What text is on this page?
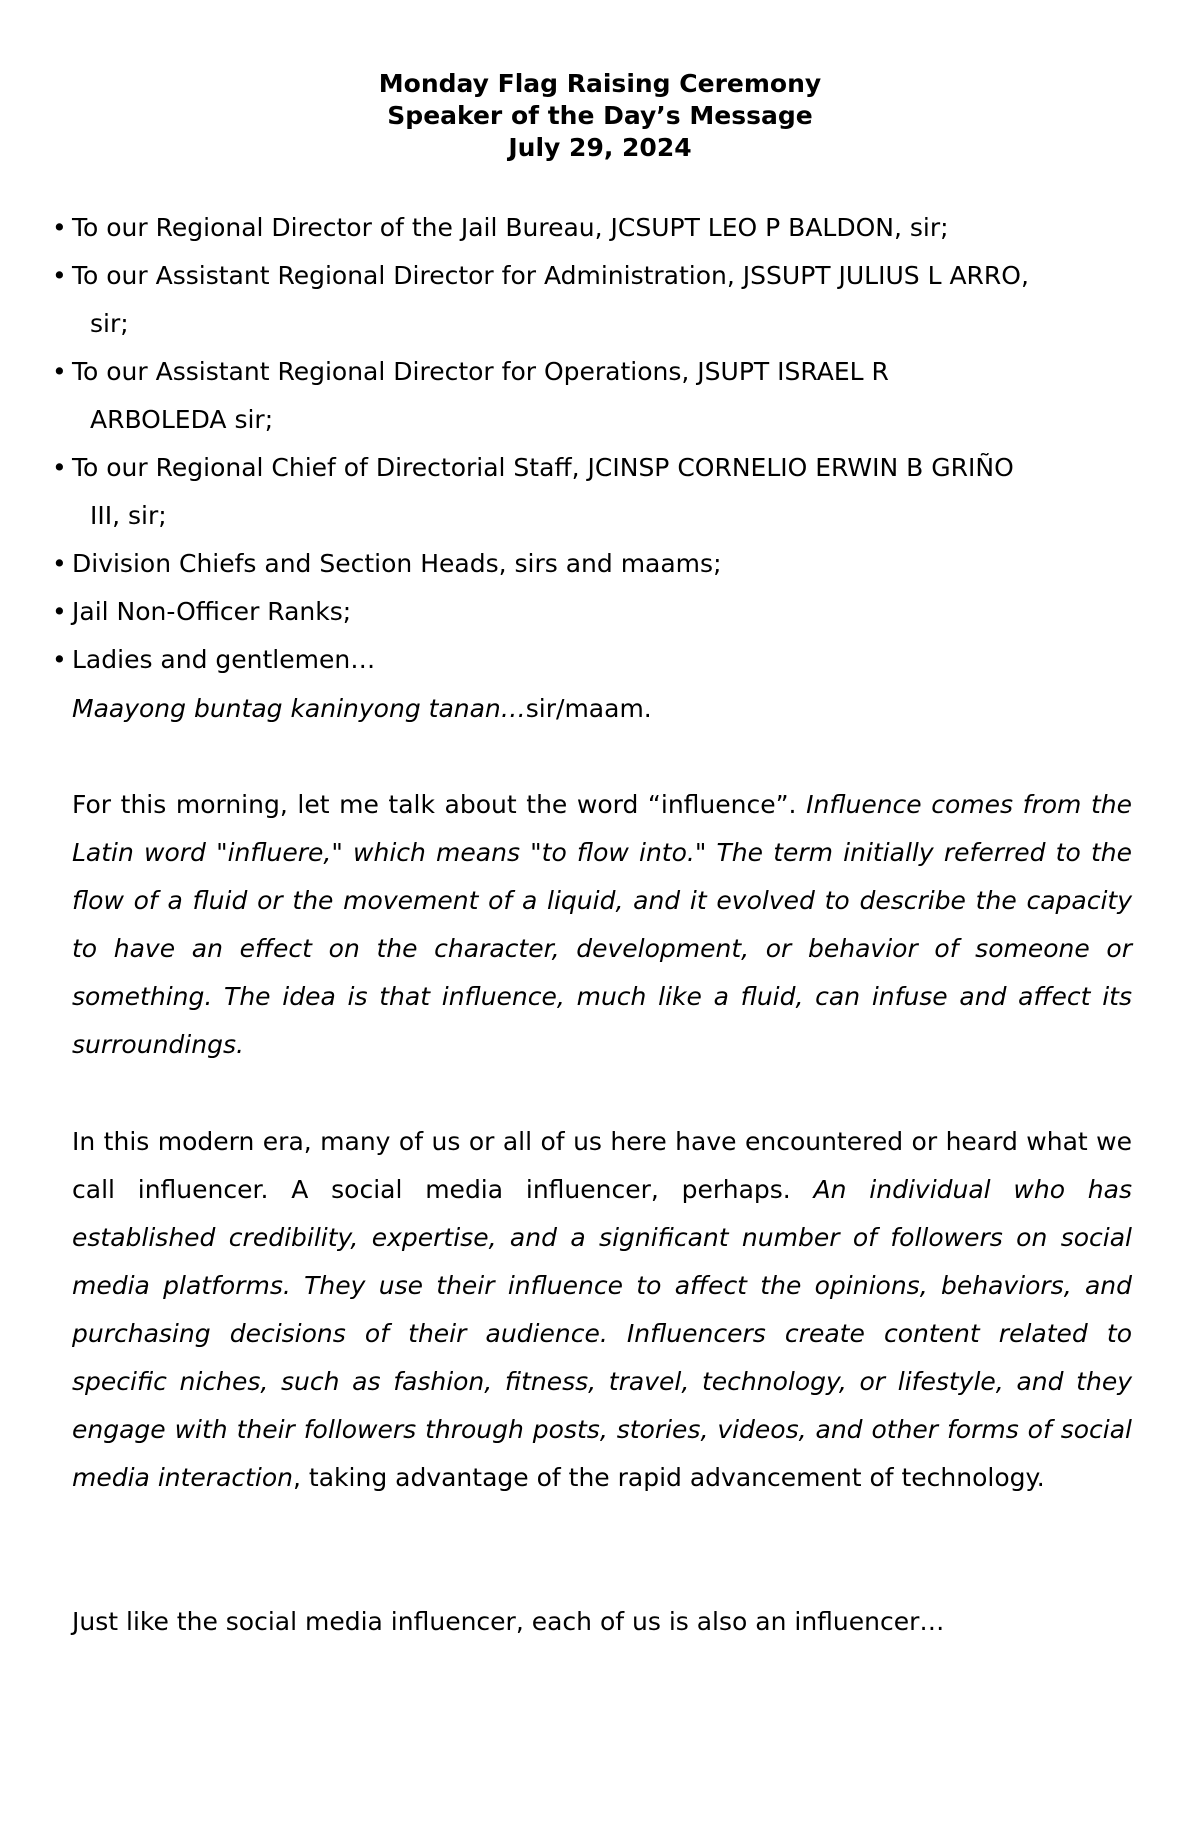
Monday Flag Raising Ceremony
Speaker of the Day’s Message
July 29, 2024
• To our Regional Director of the Jail Bureau, JCSUPT LEO P BALDON, sir;
• To our Assistant Regional Director for Administration, JSSUPT JULIUS L ARRO,
sir;
• To our Assistant Regional Director for Operations, JSUPT ISRAEL R
ARBOLEDA sir;
• To our Regional Chief of Directorial Staff, JCINSP CORNELIO ERWIN B GRIÑO
III, sir;
• Division Chiefs and Section Heads, sirs and maams;
• Jail Non-Officer Ranks;
• Ladies and gentlemen…
Maayong buntag kaninyong tanan…sir/maam.

For this morning, let me talk about the word “influence”. Influence comes from the Latin word "influere," which means "to flow into." The term initially referred to the flow of a fluid or the movement of a liquid, and it evolved to describe the capacity to have an effect on the character, development, or behavior of someone or something. The idea is that influence, much like a fluid, can infuse and affect its surroundings.

In this modern era, many of us or all of us here have encountered or heard what we call influencer. A social media influencer, perhaps. An individual who has established credibility, expertise, and a significant number of followers on social media platforms. They use their influence to affect the opinions, behaviors, and purchasing decisions of their audience. Influencers create content related to specific niches, such as fashion, fitness, travel, technology, or lifestyle, and they engage with their followers through posts, stories, videos, and other forms of social media interaction, taking advantage of the rapid advancement of technology.

Just like the social media influencer, each of us is also an influencer…
